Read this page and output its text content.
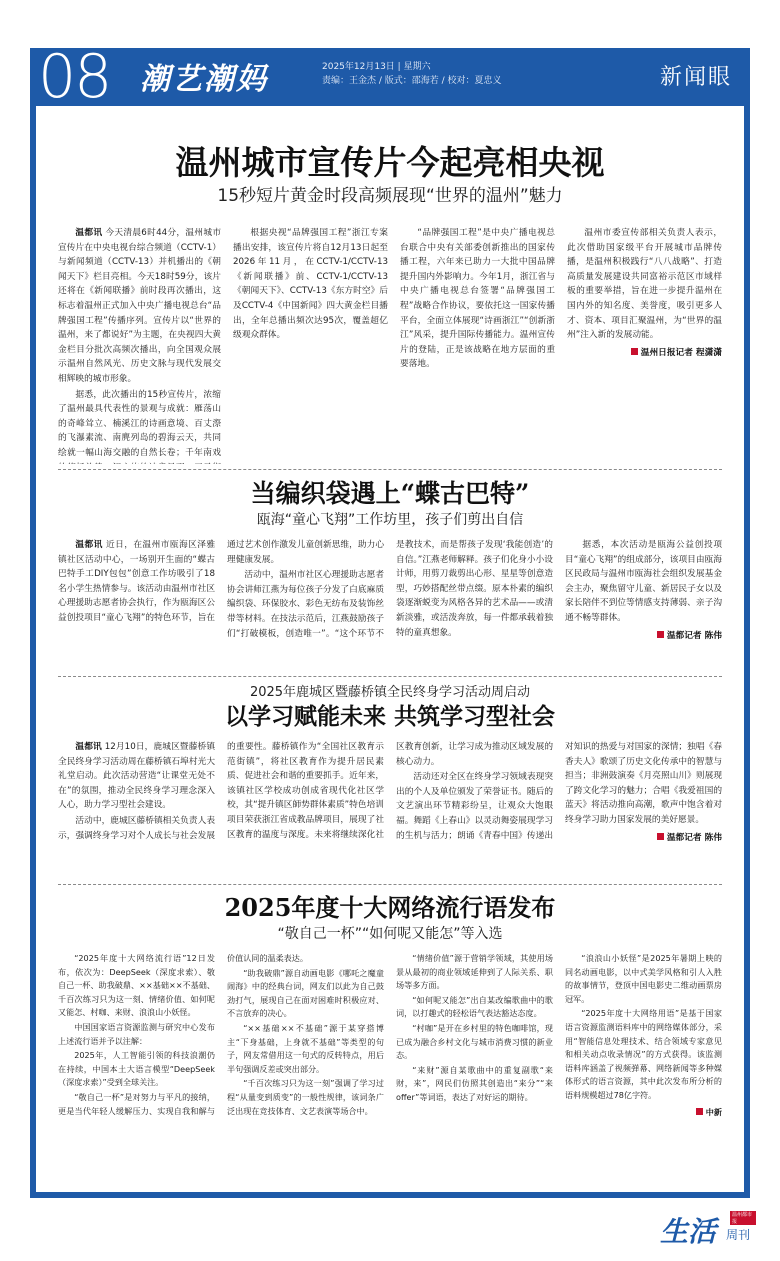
08 潮艺潮妈	2025年12月13日 | 星期六
责编：王金杰 / 版式：邵海若 / 校对：夏忠义	新闻眼
温州城市宣传片今起亮相央视
15秒短片黄金时段高频展现“世界的温州”魅力

温都讯 今天清晨6时44分，温州城市宣传片在中央电视台综合频道（CCTV-1）与新闻频道（CCTV-13）并机播出的《朝闻天下》栏目亮相。今天18时59分，该片还将在《新闻联播》前时段再次播出，这标志着温州正式加入中央广播电视总台“品牌强国工程”传播序列。宣传片以“世界的温州，来了都说好”为主题，在央视四大黄金栏目分批次高频次播出，向全国观众展示温州自然风光、历史文脉与现代发展交相辉映的城市形象。

据悉，此次播出的15秒宣传片，浓缩了温州最具代表性的景观与成就：雁荡山的奇峰耸立、楠溪江的诗画意境、百丈漈的飞瀑素流、南麂列岛的碧海云天，共同绘就一幅山海交融的自然长卷；千年南戏

根据央视“品牌强国工程”浙江专案播出安排，该宣传片将自12月13日起至2026年11月，在CCTV-1/CCTV-13《新闻联播》前、CCTV-1/CCTV-13《朝闻天下》、CCTV-13《东方时空》后及CCTV-4《中国新闻》四大黄金栏目播出，全年总播出频次达95次，覆盖超亿级观众群体。

“品牌强国工程”是中央广播电视总台联合中央有关部委创新推出的国家传播工程，六年来已助力一大批中国品牌提升国内外影响力。今年1月，浙江省与中央广播电视总台签署“品牌强国工程”战略合作协议，要依托这一国家传播平台，全面立体展现“诗画浙江”“创新浙江”风采，提升国际传播能力。温州宣传片的登陆，正是该战略在地方层面的重要落地。

温州市委宣传部相关负责人表示，此次借助国家级平台开展城市品牌传播，是温州积极践行“八八战略”、打造高质量发展建设共同富裕示范区市域样板的重要举措，旨在进一步提升温州在国内外的知名度、美誉度，吸引更多人才、资本、项目汇聚温州，为“世界的温州”注入新的发展动能。

温州日报记者 程潇潇
当编织袋遇上“蝶古巴特”
瓯海“童心飞翔”工作坊里，孩子们剪出自信

温都讯 近日，在温州市瓯海区泽雅镇社区活动中心，一场别开生面的“蝶古巴特手工DIY包包”创意工作坊吸引了18名小学生热情参与。该活动由温州市社区心理援助志愿者协会执行，作为瓯海区公益创投项目“童心飞翔”的特色环节，旨在通过艺术创作激发儿童创新思维，助力心理健康发展。

活动中，温州市社区心理援助志愿者协会讲师江燕为每位孩子分发了白底麻质编织袋、环保胶水、彩色无纺布及装饰丝带等材料。在技法示范后，江燕鼓励孩子们“打破模板，创造唯一”。“这个环节不是教技术，而是帮孩子发现‘我能创造’的自信。”江燕老师解释。孩子们化身小小设计师，用剪刀裁剪出心形、星星等创意造型，巧妙搭配丝带点缀。原本朴素的编织袋逐渐蜕变为风格各异的艺术品——或清新淡雅，或活泼奔放，每一件都承载着独特的童真想象。

据悉，本次活动是瓯海公益创投项目“童心飞翔”的组成部分，该项目由瓯海区民政局与温州市瓯海社会组织发展基金会主办，聚焦留守儿童、新居民子女以及家长陪伴不到位等情感支持薄弱、亲子沟通不畅等群体。

温都记者 陈伟
2025年鹿城区暨藤桥镇全民终身学习活动周启动
以学习赋能未来 共筑学习型社会

温都讯 12月10日，鹿城区暨藤桥镇全民终身学习活动周在藤桥镇石埠村光大礼堂启动。此次活动营造“让课堂无处不在”的氛围，推动全民终身学习理念深入人心，助力学习型社会建设。

活动中，鹿城区藤桥镇相关负责人表示，强调终身学习对个人成长与社会发展的重要性。藤桥镇作为“全国社区教育示范街镇”，将社区教育作为提升居民素质、促进社会和谐的重要抓手。近年来，该镇社区学校成功创成省现代化社区学校，其“提升镇区師势群体素质”特色培训项目荣获浙江省成教品牌项目，展现了社区教育的温度与深度。未来将继续深化社区教育创新，让学习成为推动区域发展的核心动力。

活动还对全区在终身学习领域表现突出的个人及单位颁发了荣誉证书。随后的文艺演出环节精彩纷呈，让观众大饱眼福。舞蹈《上春山》以灵动舞姿展现学习的生机与活力；朗诵《青春中国》传递出对知识的热爱与对国家的深情；独唱《春香夫人》歌颂了历史文化传承中的智慧与担当；非洲鼓演奏《月亮照山川》则展现了跨文化学习的魅力；合唱《我爱祖国的蓝天》将活动推向高潮，歌声中饱含着对终身学习助力国家发展的美好愿景。

温都记者 陈伟
2025年度十大网络流行语发布
“敬自己一杯”“如何呢又能怎”等入选

“2025年度十大网络流行语”12日发布，依次为：DeepSeek（深度求索）、敬自己一杯、助我破鼎、××基础××不基础、千百次练习只为这一刻、情绪价值、如何呢又能怎、村咖、来财、浪浪山小妖怪。

中国国家语言资源监测与研究中心发布上述流行语并予以注解：

2025年，人工智能引领的科技浪潮仍在持续，中国本土大语言模型“DeepSeek（深度求索）”受到全球关注。

“敬自己一杯”是对努力与平凡的接纳，更是当代年轻人缓解压力、实现自我和解与价值认同的温柔表达。

“助我破鼎”源自动画电影《哪吒之魔童闹海》中的经典台词，网友们以此为自己鼓劲打气，展现自己在面对困难时积极应对、不言放弃的决心。

“××基础××不基础”源于某穿搭博主“下身基础，上身就不基础”等类型的句子，网友常借用这一句式的反转特点，用后半句强调反差或突出部分。

“千百次练习只为这一刻”强调了学习过程“从量变到质变”的一般性规律，该词条广泛出现在竞技体育、文艺表演等场合中。

“情绪价值”源于营销学领域，其使用场景从最初的商业领域延伸到了人际关系、职场等多方面。

“如何呢又能怎”出自某改编歌曲中的歌词，以打趣式的轻松语气表达豁达态度。

“村咖”是开在乡村里的特色咖啡馆，现已成为融合乡村文化与城市消费习惯的新业态。

“来财”源自某歌曲中的重复副歌“来财，来”，网民们仿照其创造出“来分”“来offer”等词语，表达了对好运的期待。

“浪浪山小妖怪”是2025年暑期上映的同名动画电影，以中式美学风格和引人入胜的故事情节，登顶中国电影史二维动画票房冠军。

“2025年度十大网络用语”是基于国家语言资源监测语料库中的网络媒体部分，采用“智能信息处理技术、结合领域专家意见和相关动点收录情况”的方式获得。该监测语料库涵盖了视频弹幕、网络新闻等多种媒体形式的语言资源，其中此次发布所分析的语料规模超过78亿字符。

中新
生活	温州都市报
周刊
